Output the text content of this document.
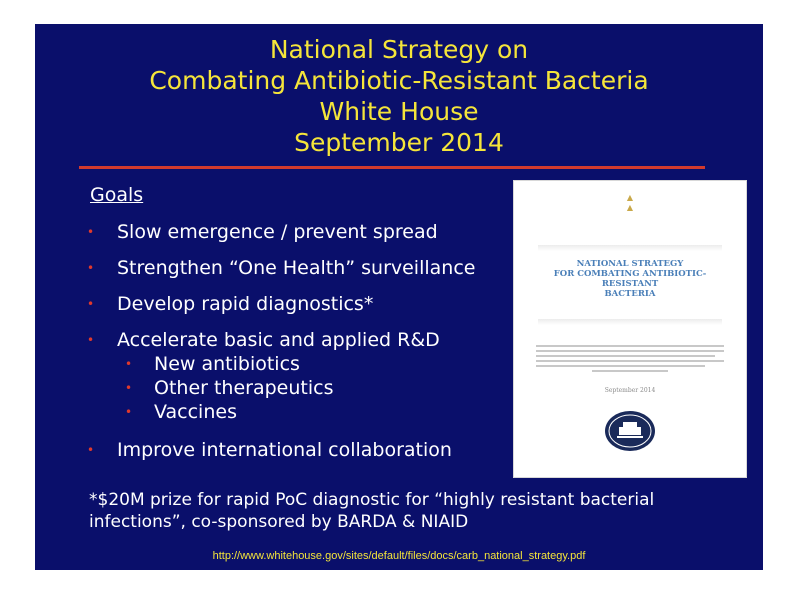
National Strategy on
Combating Antibiotic-Resistant Bacteria
White House
September 2014
Goals
• Slow emergence / prevent spread
• Strengthen “One Health” surveillance
• Develop rapid diagnostics*
• Accelerate basic and applied R&D
• New antibiotics
• Other therapeutics
• Vaccines
• Improve international collaboration
▲
▲
NATIONAL STRATEGY
FOR COMBATING ANTIBIOTIC-
RESISTANT
BACTERIA
September 2014
*$20M prize for rapid PoC diagnostic for “highly resistant bacterial infections”, co-sponsored by BARDA & NIAID
http://www.whitehouse.gov/sites/default/files/docs/carb_national_strategy.pdf
